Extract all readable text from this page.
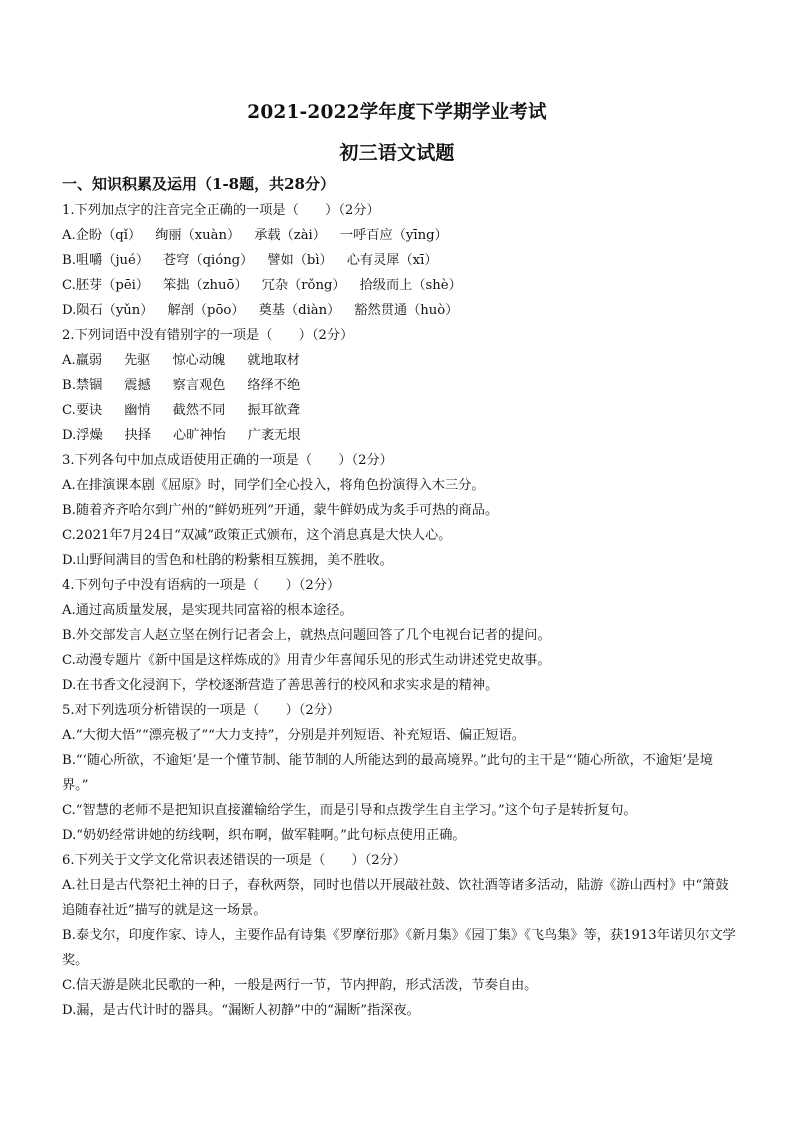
2021-2022学年度下学期学业考试
初三语文试题
一、知识积累及运用（1-8题，共28分）

1.下列加点字的注音完全正确的一项是（　　）（2分）

A.企盼（qǐ） 绚丽（xuàn） 承载（zài） 一呼百应（yīng）

B.咀嚼（jué） 苍穹（qióng） 譬如（bì） 心有灵犀（xī）

C.胚芽（pēi） 笨拙（zhuō） 冗杂（rǒng） 拾级而上（shè）

D.陨石（yǔn） 解剖（pōo） 奠基（diàn） 豁然贯通（huò）

2.下列词语中没有错别字的一项是（　　）（2分）

A.羸弱 先驱 惊心动魄 就地取材

B.禁锢 震撼 察言观色 络绎不绝

C.要诀 幽悄 截然不同 振耳欲聋

D.浮燥 抉择 心旷神怡 广袤无垠

3.下列各句中加点成语使用正确的一项是（　　）（2分）

A.在排演课本剧《屈原》时，同学们全心投入，将角色扮演得入木三分。

B.随着齐齐哈尔到广州的“鲜奶班列”开通，蒙牛鲜奶成为炙手可热的商品。

C.2021年7月24日“双减”政策正式颁布，这个消息真是大快人心。

D.山野间满目的雪色和杜鹃的粉紫相互簇拥，美不胜收。

4.下列句子中没有语病的一项是（　　）（2分）

A.通过高质量发展，是实现共同富裕的根本途径。

B.外交部发言人赵立坚在例行记者会上，就热点问题回答了几个电视台记者的提问。

C.动漫专题片《新中国是这样炼成的》用青少年喜闻乐见的形式生动讲述党史故事。

D.在书香文化浸润下，学校逐渐营造了善思善行的校风和求实求是的精神。

5.对下列选项分析错误的一项是（　　）（2分）

A.“大彻大悟”“漂亮极了”“大力支持”，分别是并列短语、补充短语、偏正短语。

B.“‘随心所欲，不逾矩’是一个懂节制、能节制的人所能达到的最高境界。”此句的主干是“‘随心所欲，不逾矩’是境界。”

C.“智慧的老师不是把知识直接灌输给学生，而是引导和点拨学生自主学习。”这个句子是转折复句。

D.“奶奶经常讲她的纺线啊，织布啊，做军鞋啊。”此句标点使用正确。

6.下列关于文学文化常识表述错误的一项是（　　）（2分）

A.社日是古代祭祀土神的日子，春秋两祭，同时也借以开展敲社鼓、饮社酒等诸多活动，陆游《游山西村》中“箫鼓追随春社近”描写的就是这一场景。

B.泰戈尔，印度作家、诗人，主要作品有诗集《罗摩衍那》《新月集》《园丁集》《飞鸟集》等，获1913年诺贝尔文学奖。

C.信天游是陕北民歌的一种，一般是两行一节，节内押韵，形式活泼，节奏自由。

D.漏，是古代计时的器具。“漏断人初静”中的“漏断”指深夜。
